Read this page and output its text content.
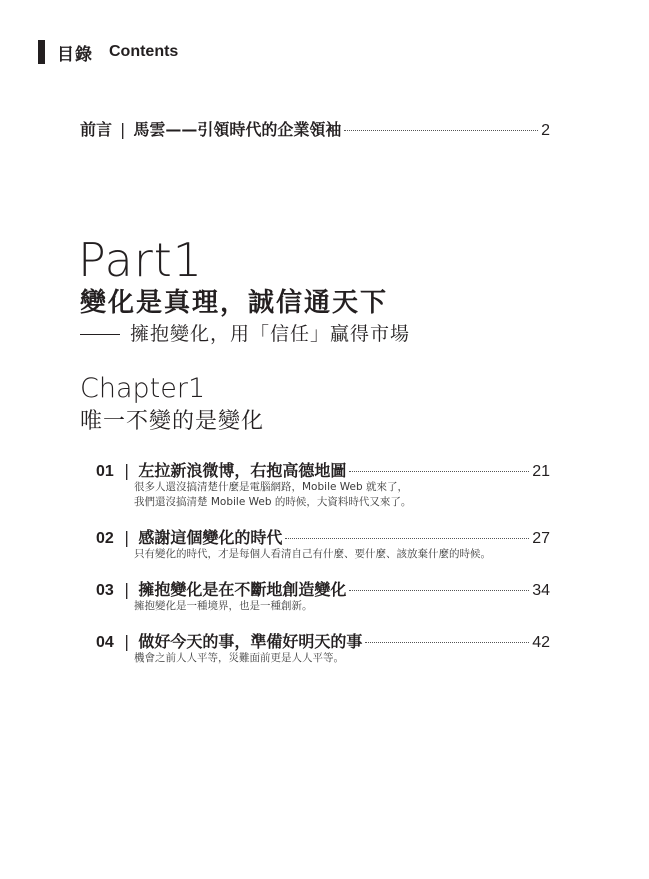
目錄 Contents
前言 | 馬雲——引領時代的企業領袖	2
Part1
變化是真理，誠信通天下
擁抱變化，用「信任」贏得市場
Chapter1
唯一不變的是變化
01 | 左拉新浪微博，右抱高德地圖	21
很多人還沒搞清楚什麼是電腦網路，Mobile Web 就來了，
我們還沒搞清楚 Mobile Web 的時候，大資料時代又來了。
02 | 感謝這個變化的時代	27
只有變化的時代，才是每個人看清自己有什麼、要什麼、該放棄什麼的時候。
03 | 擁抱變化是在不斷地創造變化	34
擁抱變化是一種境界，也是一種創新。
04 | 做好今天的事，準備好明天的事	42
機會之前人人平等，災難面前更是人人平等。
